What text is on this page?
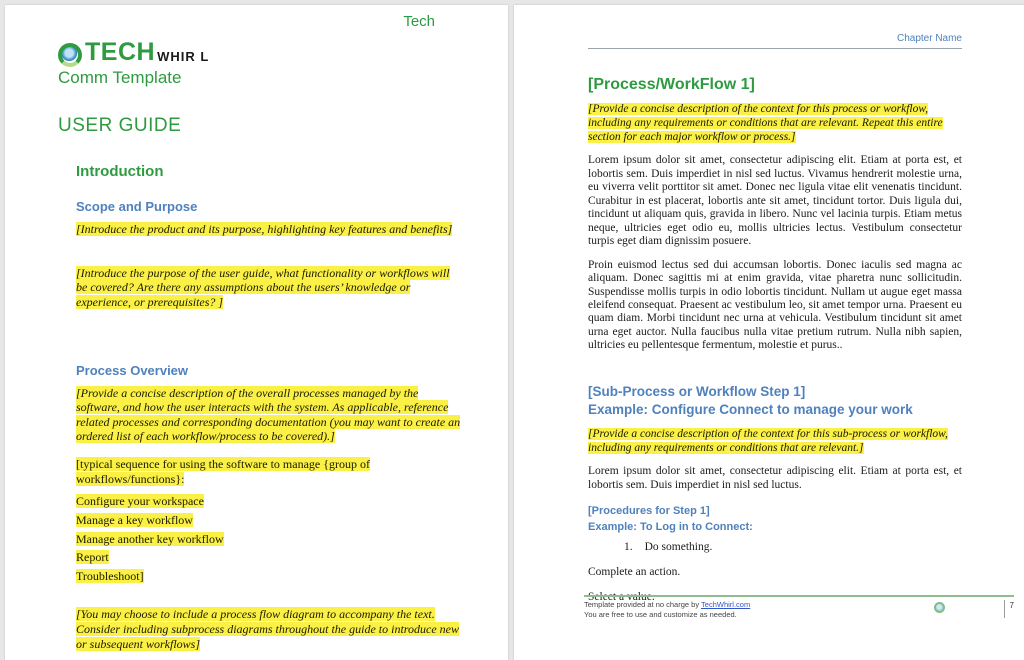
TECH WHIR L
Comm Template
Tech
USER GUIDE
Introduction
Scope and Purpose
[Introduce the product and its purpose, highlighting key features and benefits]
[Introduce the purpose of the user guide, what functionality or workflows will be covered? Are there any assumptions about the users’ knowledge or experience, or prerequisites? ]
Process Overview
[Provide a concise description of the overall processes managed by the software, and how the user interacts with the system. As applicable, reference related processes and corresponding documentation (you may want to create an ordered list of each workflow/process to be covered).]
[typical sequence for using the software to manage {group of workflows/functions}:
Configure your workspace
Manage a key workflow
Manage another key workflow
Report
Troubleshoot]
[You may choose to include a process flow diagram to accompany the text. Consider including subprocess diagrams throughout the guide to introduce new or subsequent workflows]
Chapter Name
[Process/WorkFlow 1]
[Provide a concise description of the context for this process or workflow, including any requirements or conditions that are relevant. Repeat this entire section for each major workflow or process.]
Lorem ipsum dolor sit amet, consectetur adipiscing elit. Etiam at porta est, et lobortis sem. Duis imperdiet in nisl sed luctus. Vivamus hendrerit molestie urna, eu viverra velit porttitor sit amet. Donec nec ligula vitae elit venenatis tincidunt. Curabitur in est placerat, lobortis ante sit amet, tincidunt tortor. Duis ligula dui, tincidunt ut aliquam quis, gravida in libero. Nunc vel lacinia turpis. Etiam metus neque, ultricies eget odio eu, mollis ultricies lectus. Vestibulum consectetur turpis eget diam dignissim posuere.
Proin euismod lectus sed dui accumsan lobortis. Donec iaculis sed magna ac aliquam. Donec sagittis mi at enim gravida, vitae pharetra nunc sollicitudin. Suspendisse mollis turpis in odio lobortis tincidunt. Nullam ut augue eget massa eleifend consequat. Praesent ac vestibulum leo, sit amet tempor urna. Praesent eu quam diam. Morbi tincidunt nec urna at vehicula. Vestibulum tincidunt sit amet urna eget auctor. Nulla faucibus nulla vitae pretium rutrum. Nulla nibh sapien, ultricies eu pellentesque fermentum, molestie et purus..
[Sub-Process or Workflow Step 1]
Example: Configure Connect to manage your work
[Provide a concise description of the context for this sub-process or workflow, including any requirements or conditions that are relevant.]
Lorem ipsum dolor sit amet, consectetur adipiscing elit. Etiam at porta est, et lobortis sem. Duis imperdiet in nisl sed luctus.
[Procedures for Step 1]
Example: To Log in to Connect:
1. Do something.
Complete an action.
Select a value.
Template provided at no charge by TechWhirl.com
You are free to use and customize as needed.
7
